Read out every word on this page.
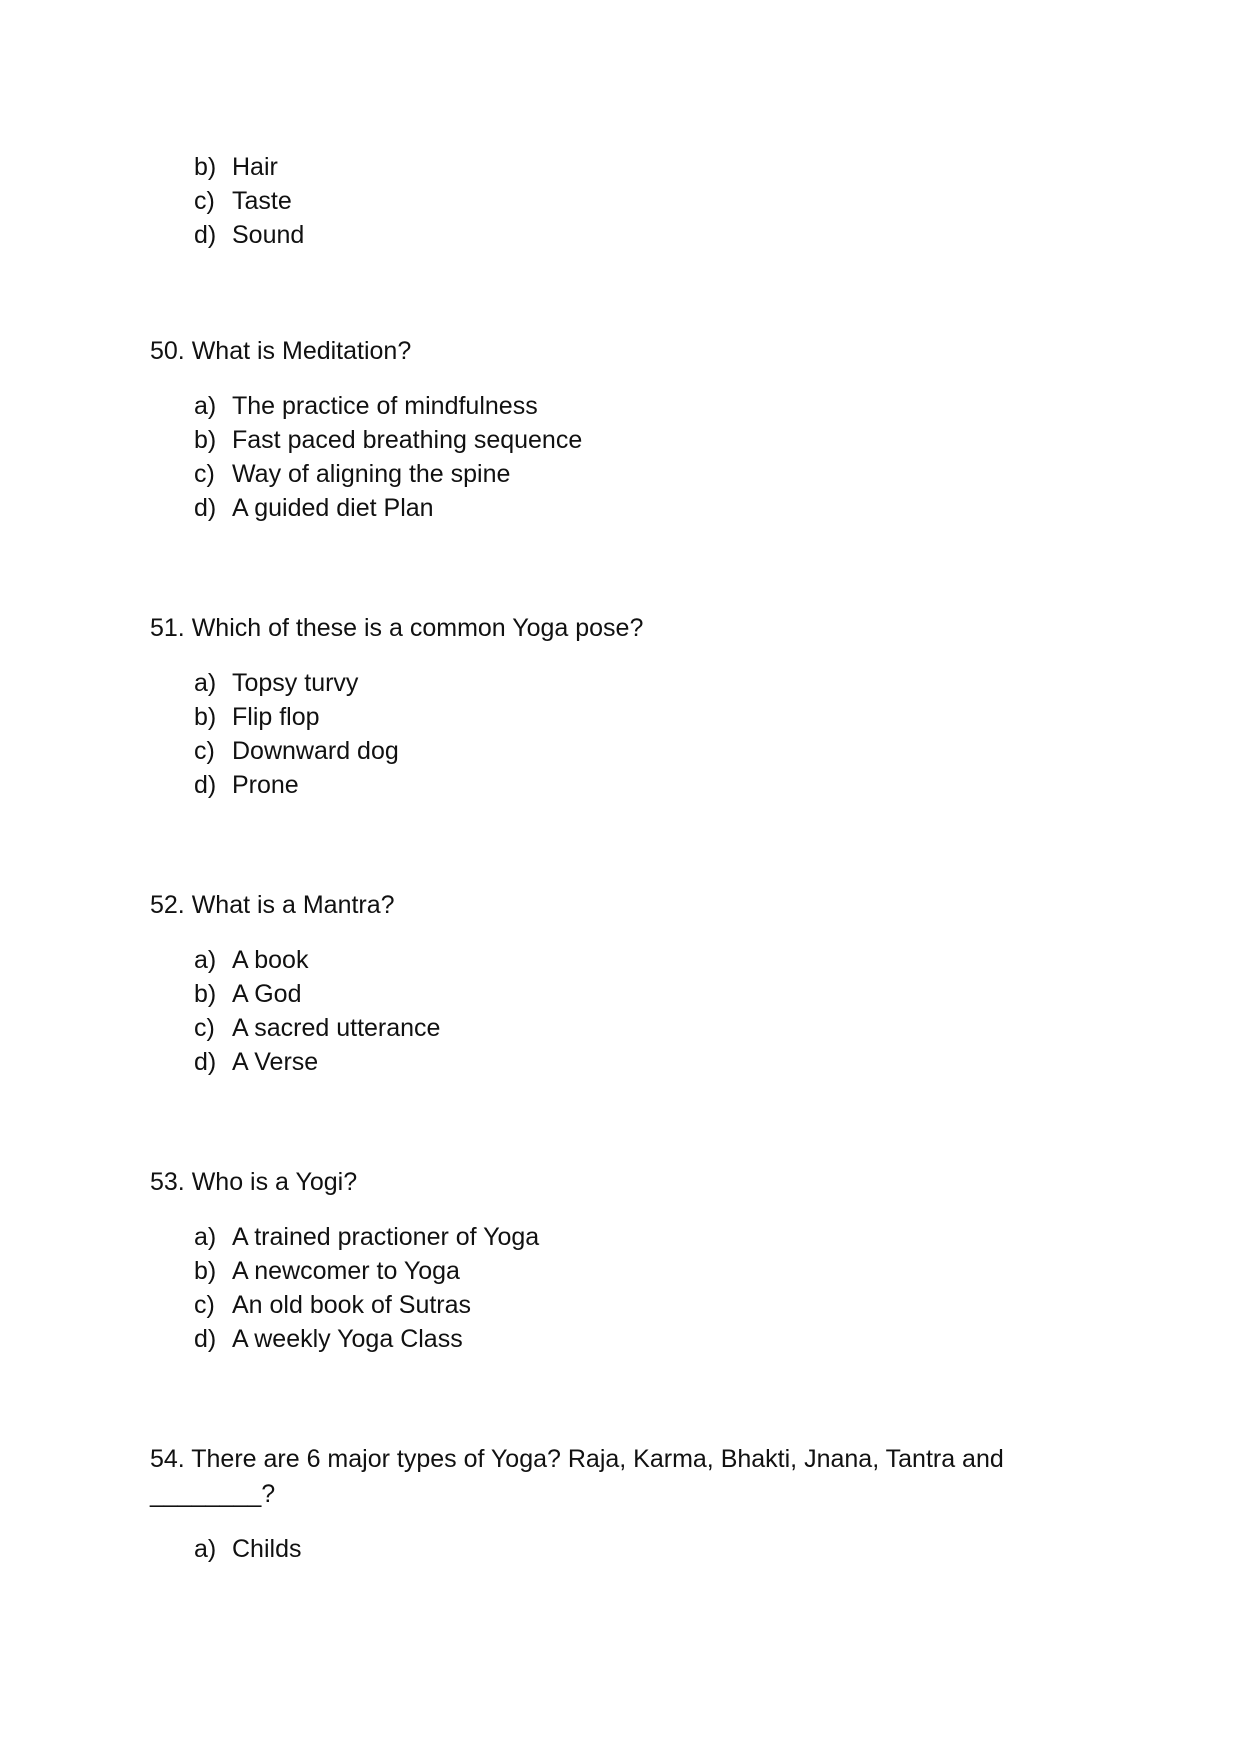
b) Hair
c) Taste
d) Sound
50. What is Meditation?
a) The practice of mindfulness
b) Fast paced breathing sequence
c) Way of aligning the spine
d) A guided diet Plan
51. Which of these is a common Yoga pose?
a) Topsy turvy
b) Flip flop
c) Downward dog
d) Prone
52. What is a Mantra?
a) A book
b) A God
c) A sacred utterance
d) A Verse
53. Who is a Yogi?
a) A trained practioner of Yoga
b) A newcomer to Yoga
c) An old book of Sutras
d) A weekly Yoga Class
54. There are 6 major types of Yoga? Raja, Karma, Bhakti, Jnana, Tantra and
________?
a) Childs
